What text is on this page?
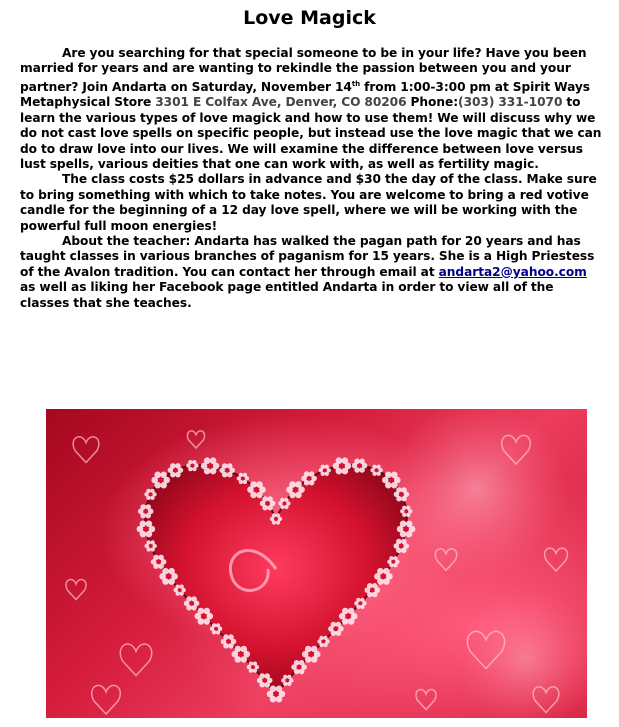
Love Magick

Are you searching for that special someone to be in your life? Have you been married for years and are wanting to rekindle the passion between you and your partner? Join Andarta on Saturday, November 14th from 1:00-3:00 pm at Spirit Ways Metaphysical Store 3301 E Colfax Ave, Denver, CO 80206 Phone:(303) 331-1070 to learn the various types of love magick and how to use them! We will discuss why we do not cast love spells on specific people, but instead use the love magic that we can do to draw love into our lives. We will examine the difference between love versus lust spells, various deities that one can work with, as well as fertility magic.

The class costs $25 dollars in advance and $30 the day of the class. Make sure to bring something with which to take notes. You are welcome to bring a red votive candle for the beginning of a 12 day love spell, where we will be working with the powerful full moon energies!

About the teacher: Andarta has walked the pagan path for 20 years and has taught classes in various branches of paganism for 15 years. She is a High Priestess of the Avalon tradition. You can contact her through email at andarta2@yahoo.com as well as liking her Facebook page entitled Andarta in order to view all of the classes that she teaches.
